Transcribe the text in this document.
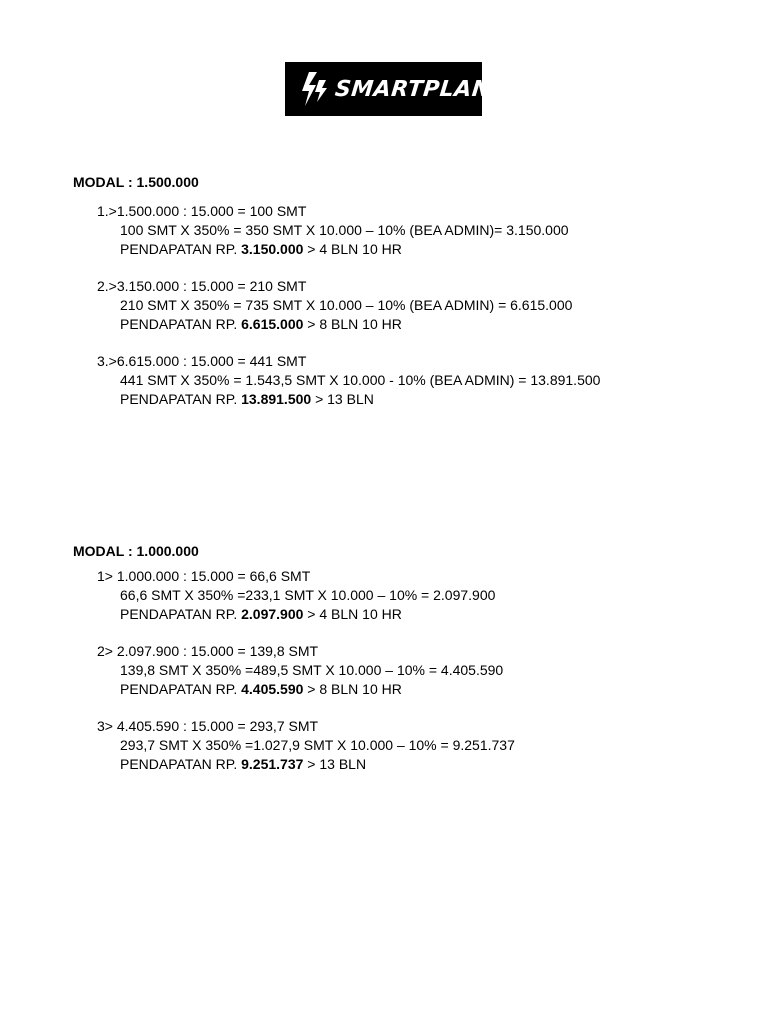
SMARTPLAN
MODAL : 1.500.000
1.>1.500.000 : 15.000 = 100 SMT
100 SMT X 350% = 350 SMT X 10.000 – 10% (BEA ADMIN)= 3.150.000
PENDAPATAN RP. 3.150.000 > 4 BLN 10 HR
2.>3.150.000 : 15.000 = 210 SMT
210 SMT X 350% = 735 SMT X 10.000 – 10% (BEA ADMIN) = 6.615.000
PENDAPATAN RP. 6.615.000 > 8 BLN 10 HR
3.>6.615.000 : 15.000 = 441 SMT
441 SMT X 350% = 1.543,5 SMT X 10.000 - 10% (BEA ADMIN) = 13.891.500
PENDAPATAN RP. 13.891.500 > 13 BLN
MODAL : 1.000.000
1> 1.000.000 : 15.000 = 66,6 SMT
66,6 SMT X 350% =233,1 SMT X 10.000 – 10% = 2.097.900
PENDAPATAN RP. 2.097.900 > 4 BLN 10 HR
2> 2.097.900 : 15.000 = 139,8 SMT
139,8 SMT X 350% =489,5 SMT X 10.000 – 10% = 4.405.590
PENDAPATAN RP. 4.405.590 > 8 BLN 10 HR
3> 4.405.590 : 15.000 = 293,7 SMT
293,7 SMT X 350% =1.027,9 SMT X 10.000 – 10% = 9.251.737
PENDAPATAN RP. 9.251.737 > 13 BLN
